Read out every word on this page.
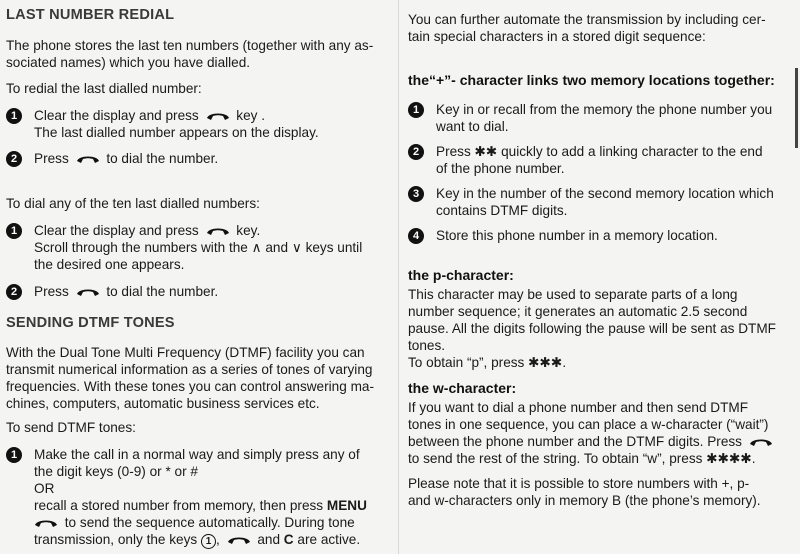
LAST NUMBER REDIAL

The phone stores the last ten numbers (together with any as-

sociated names) which you have dialled.

To redial the last dialled number:

1	Clear the display and press	key .

The last dialled number appears on the display.

2	Press	to dial the number.

To dial any of the ten last dialled numbers:

1	Clear the display and press	key.

Scroll through the numbers with the ∧ and ∨ keys until

the desired one appears.

2	Press	to dial the number.

SENDING DTMF TONES

With the Dual Tone Multi Frequency (DTMF) facility you can

transmit numerical information as a series of tones of varying

frequencies. With these tones you can control answering ma-

chines, computers, automatic business services etc.

To send DTMF tones:

1	Make the call in a normal way and simply press any of

the digit keys (0-9) or * or #

OR

recall a stored number from memory, then press MENU

to send the sequence automatically. During tone

transmission, only the keys 1 ,	and C are active.

You can further automate the transmission by including cer-

tain special characters in a stored digit sequence:

the“+”- character links two memory locations together:
1	Key in or recall from the memory the phone number you

want to dial.

2	Press ✱✱ quickly to add a linking character to the end

of the phone number.

3	Key in the number of the second memory location which

contains DTMF digits.

4	Store this phone number in a memory location.

the p-character:

This character may be used to separate parts of a long

number sequence; it generates an automatic 2.5 second

pause. All the digits following the pause will be sent as DTMF

tones.

To obtain “p”, press ✱✱✱.

the w-character:

If you want to dial a phone number and then send DTMF

tones in one sequence, you can place a w-character (“wait”)

between the phone number and the DTMF digits. Press

to send the rest of the string. To obtain “w”, press ✱✱✱✱.

Please note that it is possible to store numbers with +, p-

and w-characters only in memory B (the phone’s memory).
